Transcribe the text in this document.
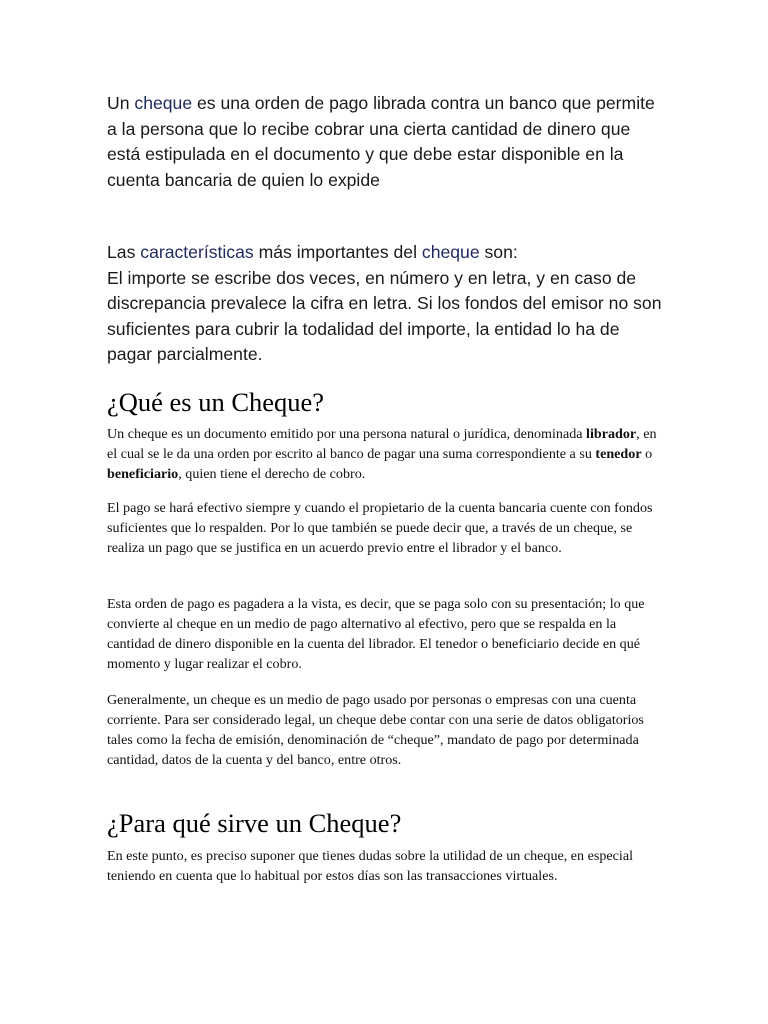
Un cheque es una orden de pago librada contra un banco que permite a la persona que lo recibe cobrar una cierta cantidad de dinero que está estipulada en el documento y que debe estar disponible en la cuenta bancaria de quien lo expide

Las características más importantes del cheque son:

El importe se escribe dos veces, en número y en letra, y en caso de discrepancia prevalece la cifra en letra. Si los fondos del emisor no son suficientes para cubrir la todalidad del importe, la entidad lo ha de pagar parcialmente.

¿Qué es un Cheque?

Un cheque es un documento emitido por una persona natural o jurídica, denominada librador, en el cual se le da una orden por escrito al banco de pagar una suma correspondiente a su tenedor o beneficiario, quien tiene el derecho de cobro.

El pago se hará efectivo siempre y cuando el propietario de la cuenta bancaria cuente con fondos suficientes que lo respalden. Por lo que también se puede decir que, a través de un cheque, se realiza un pago que se justifica en un acuerdo previo entre el librador y el banco.

Esta orden de pago es pagadera a la vista, es decir, que se paga solo con su presentación; lo que convierte al cheque en un medio de pago alternativo al efectivo, pero que se respalda en la cantidad de dinero disponible en la cuenta del librador. El tenedor o beneficiario decide en qué momento y lugar realizar el cobro.

Generalmente, un cheque es un medio de pago usado por personas o empresas con una cuenta corriente. Para ser considerado legal, un cheque debe contar con una serie de datos obligatorios tales como la fecha de emisión, denominación de “cheque”, mandato de pago por determinada cantidad, datos de la cuenta y del banco, entre otros.

¿Para qué sirve un Cheque?

En este punto, es preciso suponer que tienes dudas sobre la utilidad de un cheque, en especial teniendo en cuenta que lo habitual por estos días son las transacciones virtuales.
